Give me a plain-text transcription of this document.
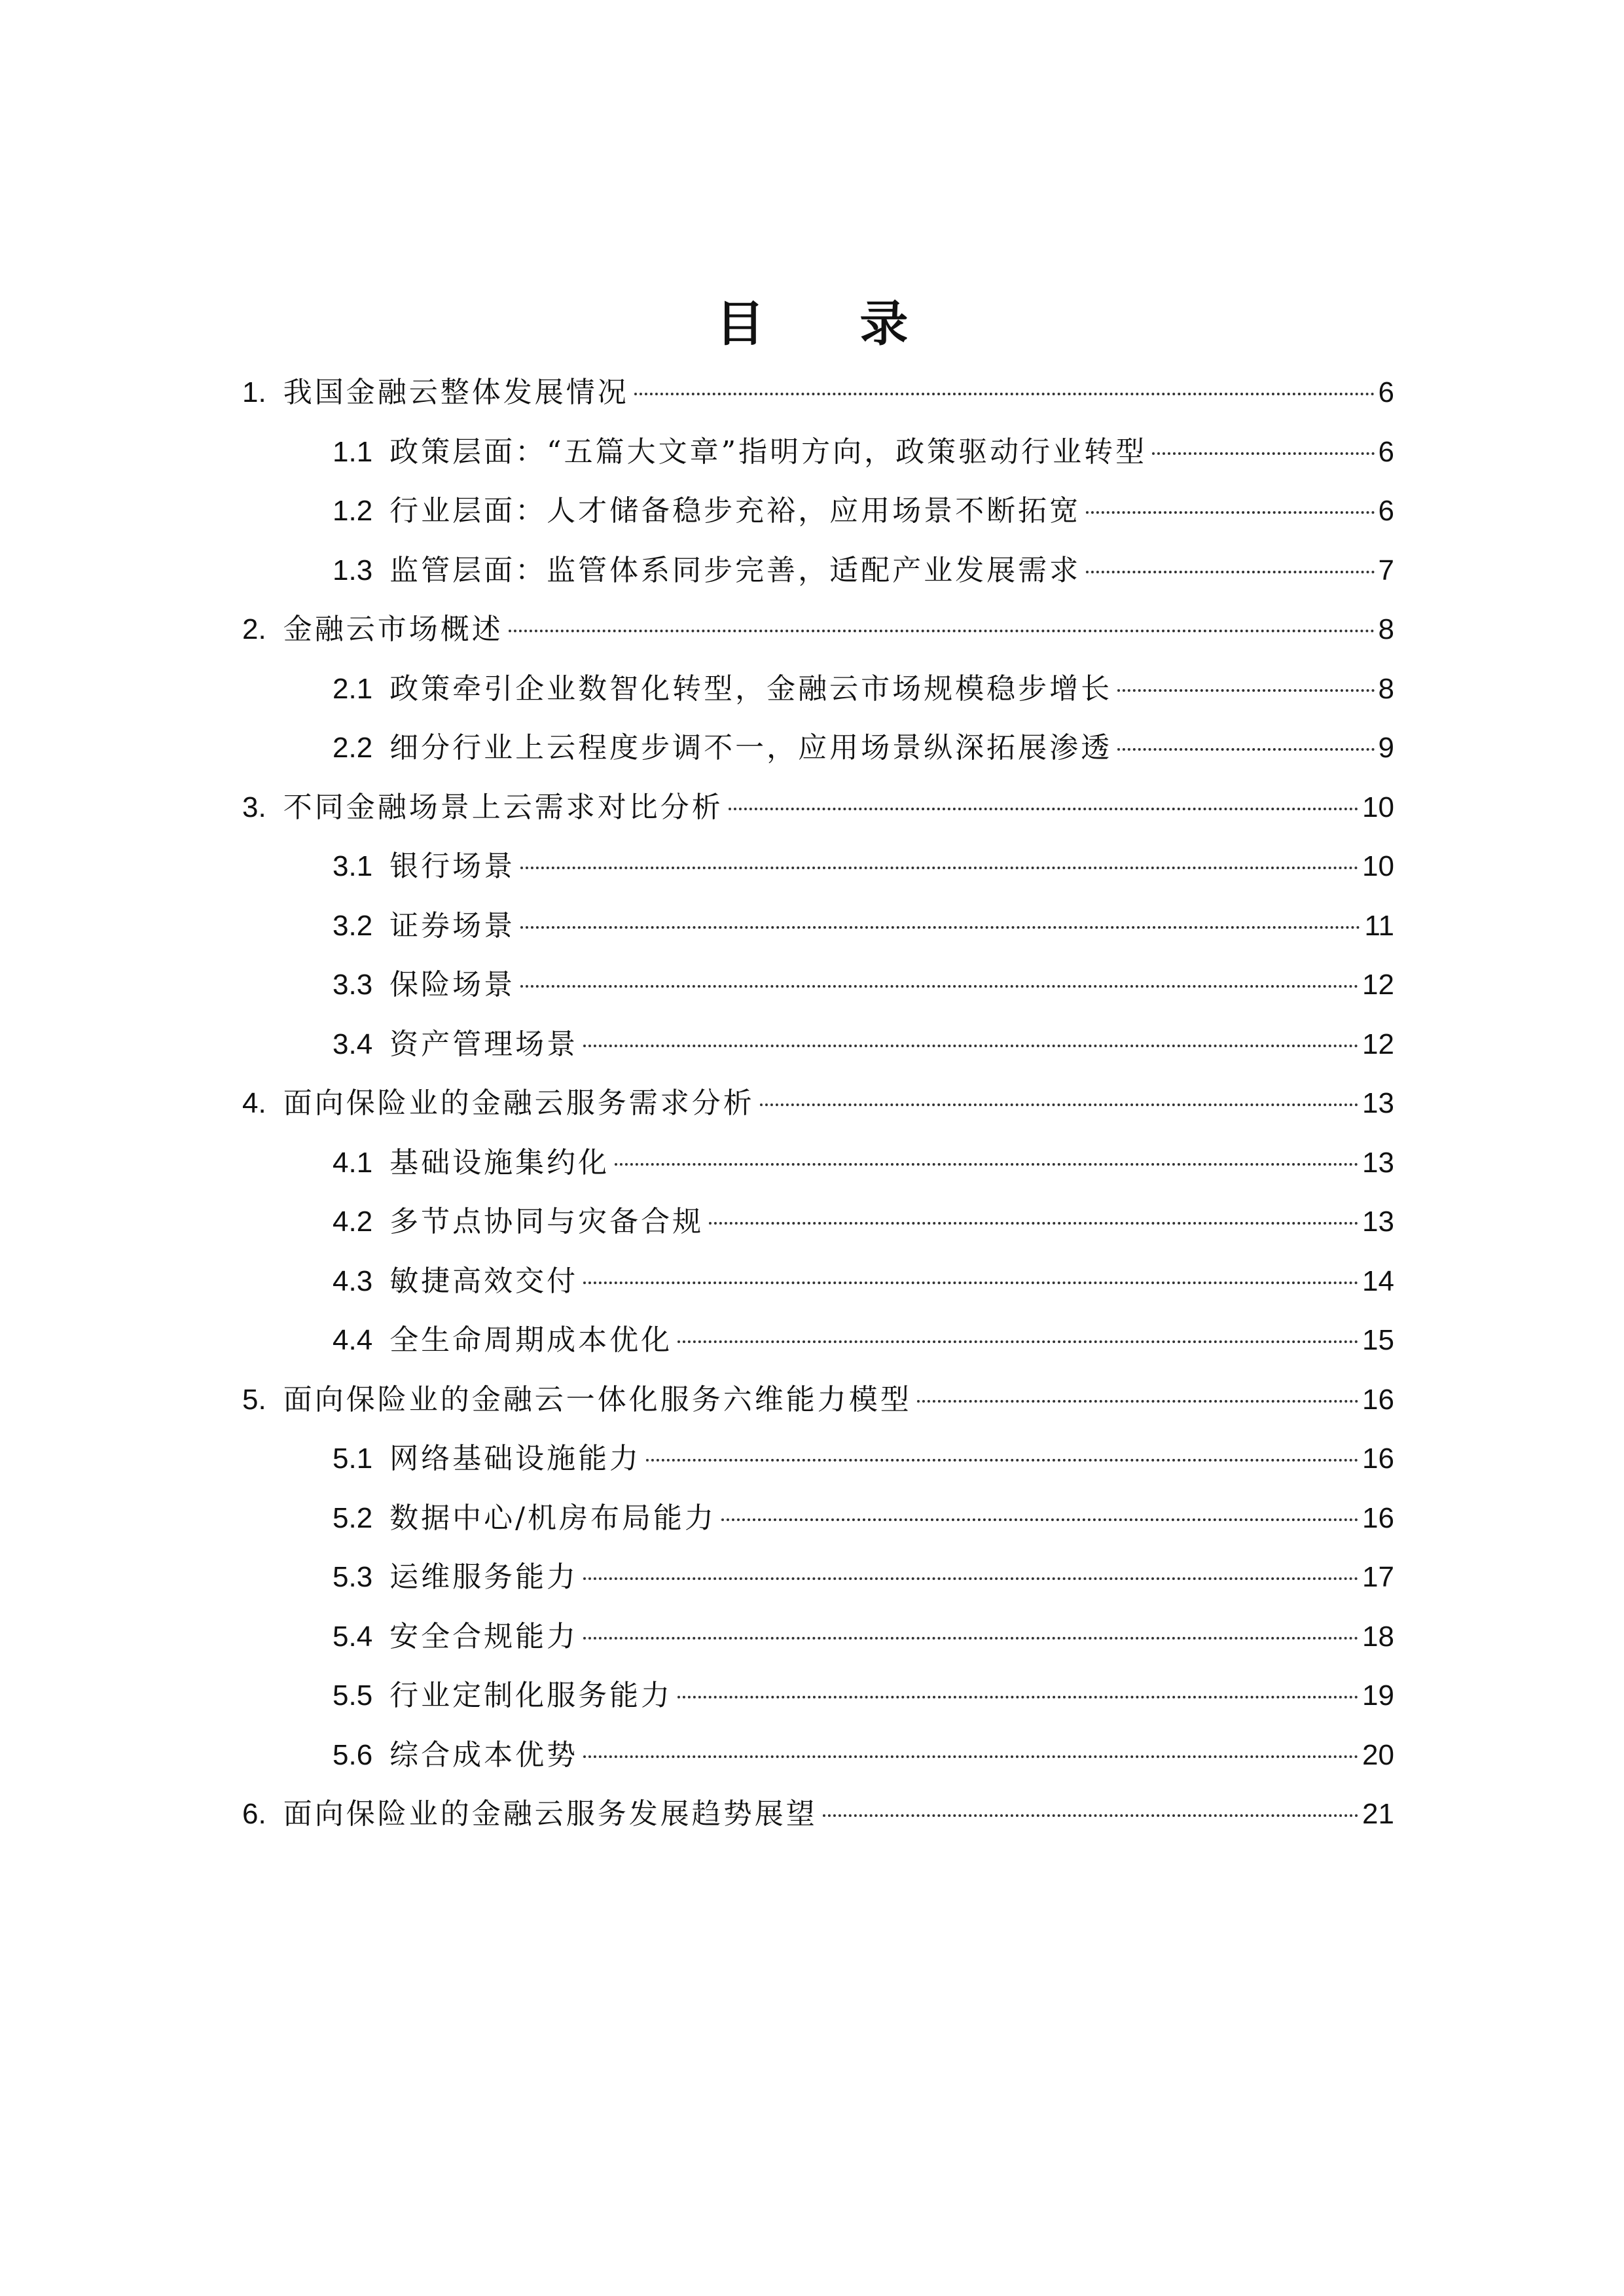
目 录
1. 我国金融云整体发展情况	6
1.1 政策层面：“五篇大文章”指明方向，政策驱动行业转型	6
1.2 行业层面：人才储备稳步充裕，应用场景不断拓宽	6
1.3 监管层面：监管体系同步完善，适配产业发展需求	7
2. 金融云市场概述	8
2.1 政策牵引企业数智化转型，金融云市场规模稳步增长	8
2.2 细分行业上云程度步调不一，应用场景纵深拓展渗透	9
3. 不同金融场景上云需求对比分析	10
3.1 银行场景	10
3.2 证券场景	11
3.3 保险场景	12
3.4 资产管理场景	12
4. 面向保险业的金融云服务需求分析	13
4.1 基础设施集约化	13
4.2 多节点协同与灾备合规	13
4.3 敏捷高效交付	14
4.4 全生命周期成本优化	15
5. 面向保险业的金融云一体化服务六维能力模型	16
5.1 网络基础设施能力	16
5.2 数据中心/机房布局能力	16
5.3 运维服务能力	17
5.4 安全合规能力	18
5.5 行业定制化服务能力	19
5.6 综合成本优势	20
6. 面向保险业的金融云服务发展趋势展望	21
